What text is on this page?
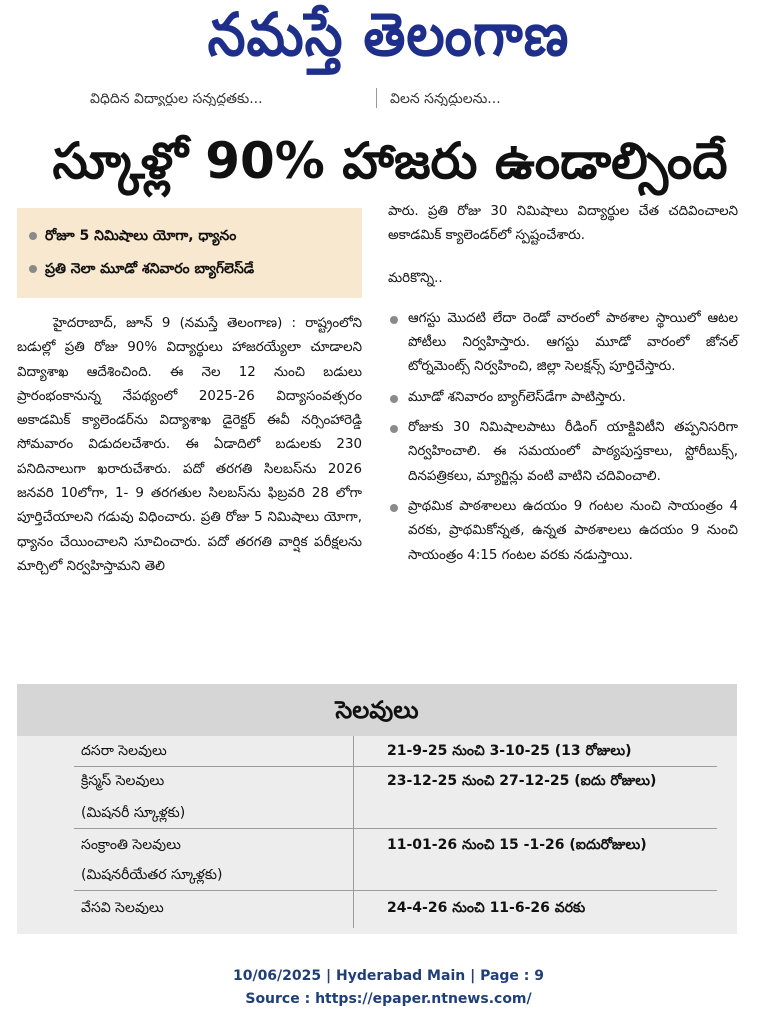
నమస్తే తెలంగాణ
విధిదిన విద్యార్థుల సన్నద్ధతకు...	విలన సన్నద్ధులను...
స్కూళ్లో 90% హాజరు ఉండాల్సిందే
రోజూ 5 నిమిషాలు యోగా, ధ్యానం
ప్రతి నెలా మూడో శనివారం బ్యాగ్‌లెస్‌డే

హైదరాబాద్, జూన్ 9 (నమస్తే తెలంగాణ) : రాష్ట్రంలోని బడుల్లో ప్రతి రోజు 90% విద్యార్థులు హాజరయ్యేలా చూడాలని విద్యాశాఖ ఆదేశించింది. ఈ నెల 12 నుంచి బడులు ప్రారంభంకానున్న నేపథ్యంలో 2025-26 విద్యాసంవత్సరం అకాడమిక్ క్యాలెండర్‌ను విద్యాశాఖ డైరెక్టర్ ఈవీ నర్సింహారెడ్డి సోమవారం విడుదలచేశారు. ఈ ఏడాదిలో బడులకు 230 పనిదినాలుగా ఖరారుచేశారు. పదో తరగతి సిలబస్‌ను 2026 జనవరి 10లోగా, 1- 9 తరగతుల సిలబస్‌ను ఫిబ్రవరి 28 లోగా పూర్తిచేయాలని గడువు విధించారు. ప్రతి రోజు 5 నిమిషాలు యోగా, ధ్యానం చేయించాలని సూచించారు. పదో తరగతి వార్షిక పరీక్షలను మార్చిలో నిర్వహిస్తామని తెలి

పారు. ప్రతి రోజు 30 నిమిషాలు విద్యార్థుల చేత చదివించాలని అకాడమిక్ క్యాలెండర్‌లో స్పష్టంచేశారు.

మరికొన్ని..

ఆగస్టు మొదటి లేదా రెండో వారంలో పాఠశాల స్థాయిలో ఆటల పోటీలు నిర్వహిస్తారు. ఆగస్టు మూడో వారంలో జోనల్ టోర్నమెంట్స్ నిర్వహించి, జిల్లా సెలక్షన్స్ పూర్తిచేస్తారు.
మూడో శనివారం బ్యాగ్‌లెస్‌డేగా పాటిస్తారు.
రోజుకు 30 నిమిషాలపాటు రీడింగ్ యాక్టివిటీని తప్పనిసరిగా నిర్వహించాలి. ఈ సమయంలో పాఠ్యపుస్తకాలు, స్టోరీబుక్స్, దినపత్రికలు, మ్యాగ్జిన్లు వంటి వాటిని చదివించాలి.
ప్రాథమిక పాఠశాలలు ఉదయం 9 గంటల నుంచి సాయంత్రం 4 వరకు, ప్రాథమికోన్నత, ఉన్నత పాఠశాలలు ఉదయం 9 నుంచి సాయంత్రం 4:15 గంటల వరకు నడుస్తాయి.
సెలవులు
దసరా సెలవులు	21-9-25 నుంచి 3-10-25 (13 రోజులు)
క్రిస్మస్ సెలవులు	23-12-25 నుంచి 27-12-25 (ఐదు రోజులు)
(మిషనరీ స్కూళ్లకు)
సంక్రాంతి సెలవులు	11-01-26 నుంచి 15 -1-26 (ఐదురోజులు)
(మిషనరీయేతర స్కూళ్లకు)
వేసవి సెలవులు	24-4-26 నుంచి 11-6-26 వరకు
10/06/2025 | Hyderabad Main | Page : 9
Source : https://epaper.ntnews.com/
